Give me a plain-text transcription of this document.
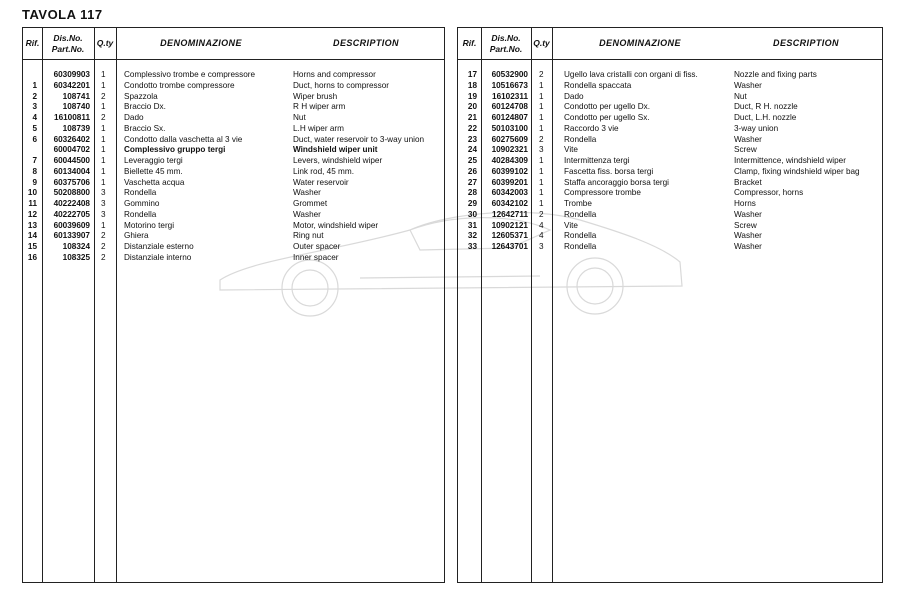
TAVOLA 117
Rif.
Dis.No.
Part.No.
Q.ty	DENOMINAZIONE	DESCRIPTION
60309903 1 Complessivo trombe e compressore	Horns and compressor
1	60342201 1 Condotto trombe compressore	Duct, horns to compressor
2	108741 2 Spazzola	Wiper brush
3	108740 1 Braccio Dx.	R H wiper arm
4	16100811 2 Dado	Nut
5	108739 1 Braccio Sx.	L.H wiper arm
6	60326402 1 Condotto dalla vaschetta al 3 vie	Duct, water reservoir to 3-way union
60004702 1 Complessivo gruppo tergi	Windshield wiper unit
7	60044500 1 Leveraggio tergi	Levers, windshield wiper
8	60134004 1 Biellette 45 mm.	Link rod, 45 mm.
9	60375706 1 Vaschetta acqua	Water reservoir
10	50208800 3 Rondella	Washer
11	40222408 3 Gommino	Grommet
12	40222705 3 Rondella	Washer
13	60039609 1 Motorino tergi	Motor, windshield wiper
14	60133907 2 Ghiera	Ring nut
15	108324 2 Distanziale esterno	Outer spacer
16	108325 2 Distanziale interno	Inner spacer
Rif.
Dis.No.
Part.No.
Q.ty	DENOMINAZIONE	DESCRIPTION
17	60532900 2 Ugello lava cristalli con organi di fiss.	Nozzle and fixing parts
18	10516673 1 Rondella spaccata	Washer
19	16102311 1 Dado	Nut
20	60124708 1 Condotto per ugello Dx.	Duct, R H. nozzle
21	60124807 1 Condotto per ugello Sx.	Duct, L.H. nozzle
22	50103100 1 Raccordo 3 vie	3-way union
23	60275609 2 Rondella	Washer
24	10902321 3 Vite	Screw
25	40284309 1 Intermittenza tergi	Intermittence, windshield wiper
26	60399102 1 Fascetta fiss. borsa tergi	Clamp, fixing windshield wiper bag
27	60399201 1 Staffa ancoraggio borsa tergi	Bracket
28	60342003 1 Compressore trombe	Compressor, horns
29	60342102 1 Trombe	Horns
30	12642711 2 Rondella	Washer
31	10902121 4 Vite	Screw
32	12605371 4 Rondella	Washer
33	12643701 3 Rondella	Washer
